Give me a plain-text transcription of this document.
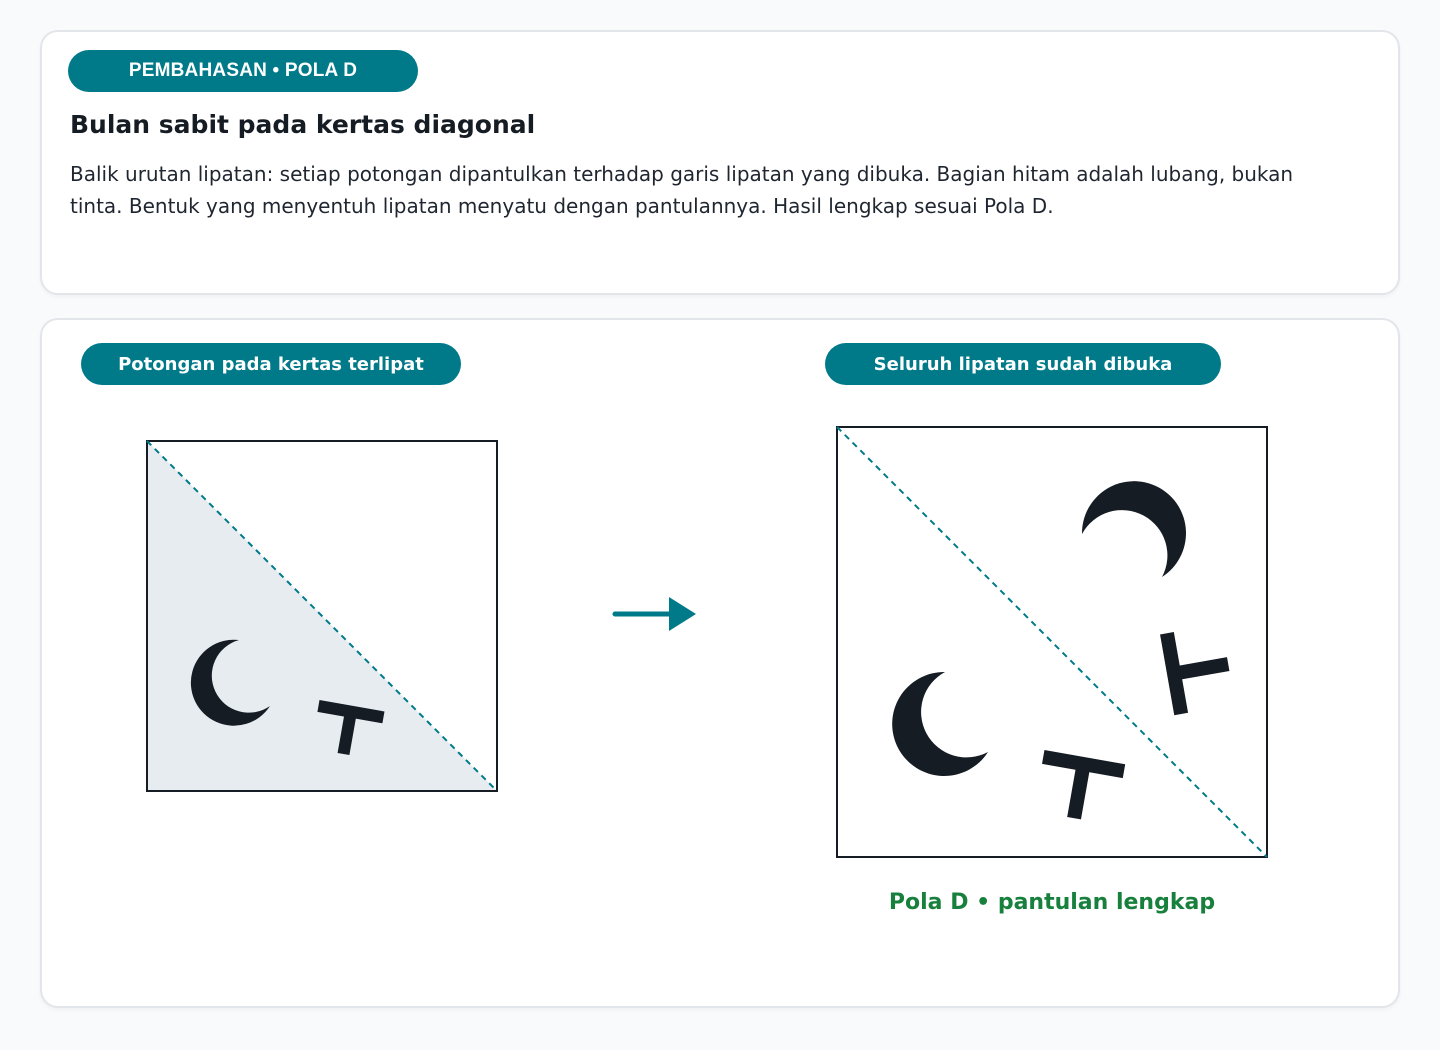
PEMBAHASAN • POLA D
Bulan sabit pada kertas diagonal

Balik urutan lipatan: setiap potongan dipantulkan terhadap garis lipatan yang dibuka. Bagian hitam adalah lubang, bukan tinta. Bentuk yang menyentuh lipatan menyatu dengan pantulannya. Hasil lengkap sesuai Pola D.

Potongan pada kertas terlipat	Seluruh lipatan sudah dibuka
Pola D • pantulan lengkap
